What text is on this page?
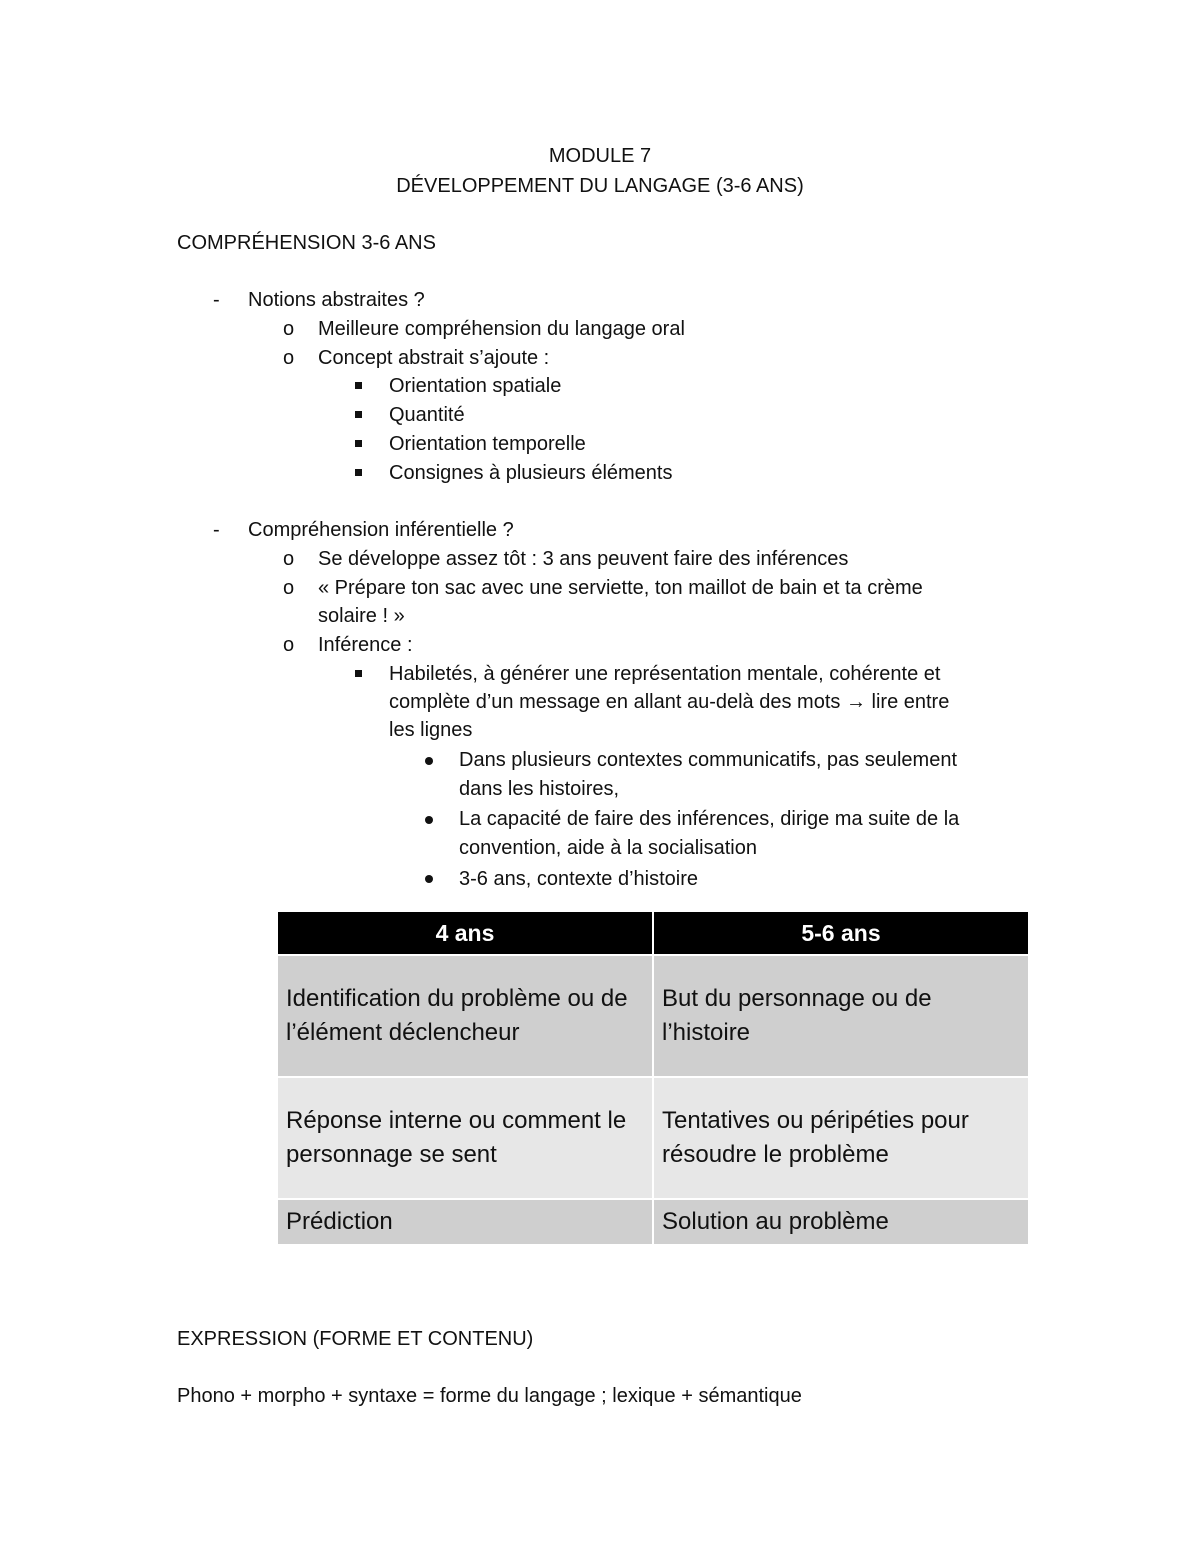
MODULE 7
DÉVELOPPEMENT DU LANGAGE (3-6 ANS)
COMPRÉHENSION 3-6 ANS
- Notions abstraites ?
o Meilleure compréhension du langage oral
o Concept abstrait s’ajoute :
Orientation spatiale
Quantité
Orientation temporelle
Consignes à plusieurs éléments
- Compréhension inférentielle ?
o Se développe assez tôt : 3 ans peuvent faire des inférences
o « Prépare ton sac avec une serviette, ton maillot de bain et ta crème
solaire ! »
o Inférence :
Habiletés, à générer une représentation mentale, cohérente et
complète d’un message en allant au-delà des mots → lire entre
les lignes
Dans plusieurs contextes communicatifs, pas seulement
dans les histoires,
La capacité de faire des inférences, dirige ma suite de la
convention, aide à la socialisation
3-6 ans, contexte d’histoire
4 ans	5-6 ans
Identification du problème ou de l’élément déclencheur	But du personnage ou de l’histoire
Réponse interne ou comment le personnage se sent	Tentatives ou péripéties pour résoudre le problème
Prédiction	Solution au problème
EXPRESSION (FORME ET CONTENU)
Phono + morpho + syntaxe = forme du langage ; lexique + sémantique
